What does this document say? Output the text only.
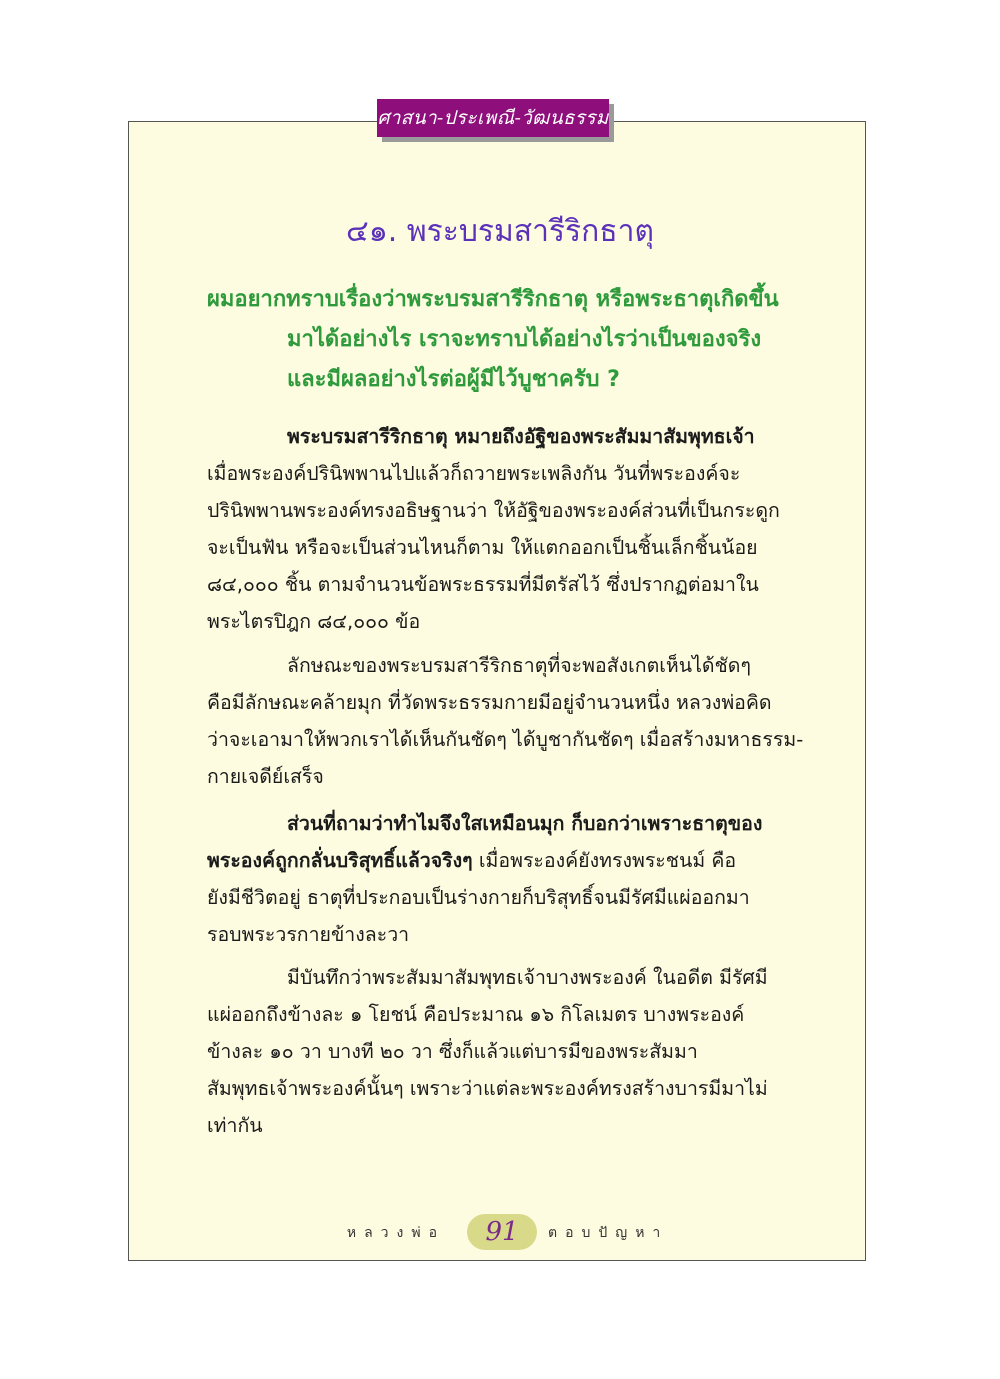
ศาสนา-ประเพณี-วัฒนธรรม
๔๑. พระบรมสารีริกธาตุ
ผมอยากทราบเรื่องว่าพระบรมสารีริกธาตุ หรือพระธาตุเกิดขึ้น
มาได้อย่างไร เราจะทราบได้อย่างไรว่าเป็นของจริง
และมีผลอย่างไรต่อผู้มีไว้บูชาครับ ?
พระบรมสารีริกธาตุ หมายถึงอัฐิของพระสัมมาสัมพุทธเจ้า
เมื่อพระองค์ปรินิพพานไปแล้วก็ถวายพระเพลิงกัน วันที่พระองค์จะ
ปรินิพพานพระองค์ทรงอธิษฐานว่า ให้อัฐิของพระองค์ส่วนที่เป็นกระดูก
จะเป็นฟัน หรือจะเป็นส่วนไหนก็ตาม ให้แตกออกเป็นชิ้นเล็กชิ้นน้อย
๘๔,๐๐๐ ชิ้น ตามจำนวนข้อพระธรรมที่มีตรัสไว้ ซึ่งปรากฏต่อมาใน
พระไตรปิฎก ๘๔,๐๐๐ ข้อ
ลักษณะของพระบรมสารีริกธาตุที่จะพอสังเกตเห็นได้ชัดๆ
คือมีลักษณะคล้ายมุก ที่วัดพระธรรมกายมีอยู่จำนวนหนึ่ง หลวงพ่อคิด
ว่าจะเอามาให้พวกเราได้เห็นกันชัดๆ ได้บูชากันชัดๆ เมื่อสร้างมหาธรรม-
กายเจดีย์เสร็จ
ส่วนที่ถามว่าทำไมจึงใสเหมือนมุก ก็บอกว่าเพราะธาตุของ
พระองค์ถูกกลั่นบริสุทธิ์แล้วจริงๆ เมื่อพระองค์ยังทรงพระชนม์ คือ
ยังมีชีวิตอยู่ ธาตุที่ประกอบเป็นร่างกายก็บริสุทธิ์จนมีรัศมีแผ่ออกมา
รอบพระวรกายข้างละวา
มีบันทึกว่าพระสัมมาสัมพุทธเจ้าบางพระองค์ ในอดีต มีรัศมี
แผ่ออกถึงข้างละ ๑ โยชน์ คือประมาณ ๑๖ กิโลเมตร บางพระองค์
ข้างละ ๑๐ วา บางที ๒๐ วา ซึ่งก็แล้วแต่บารมีของพระสัมมา
สัมพุทธเจ้าพระองค์นั้นๆ เพราะว่าแต่ละพระองค์ทรงสร้างบารมีมาไม่
เท่ากัน
หลวงพ่อ	91	ตอบปัญหา
